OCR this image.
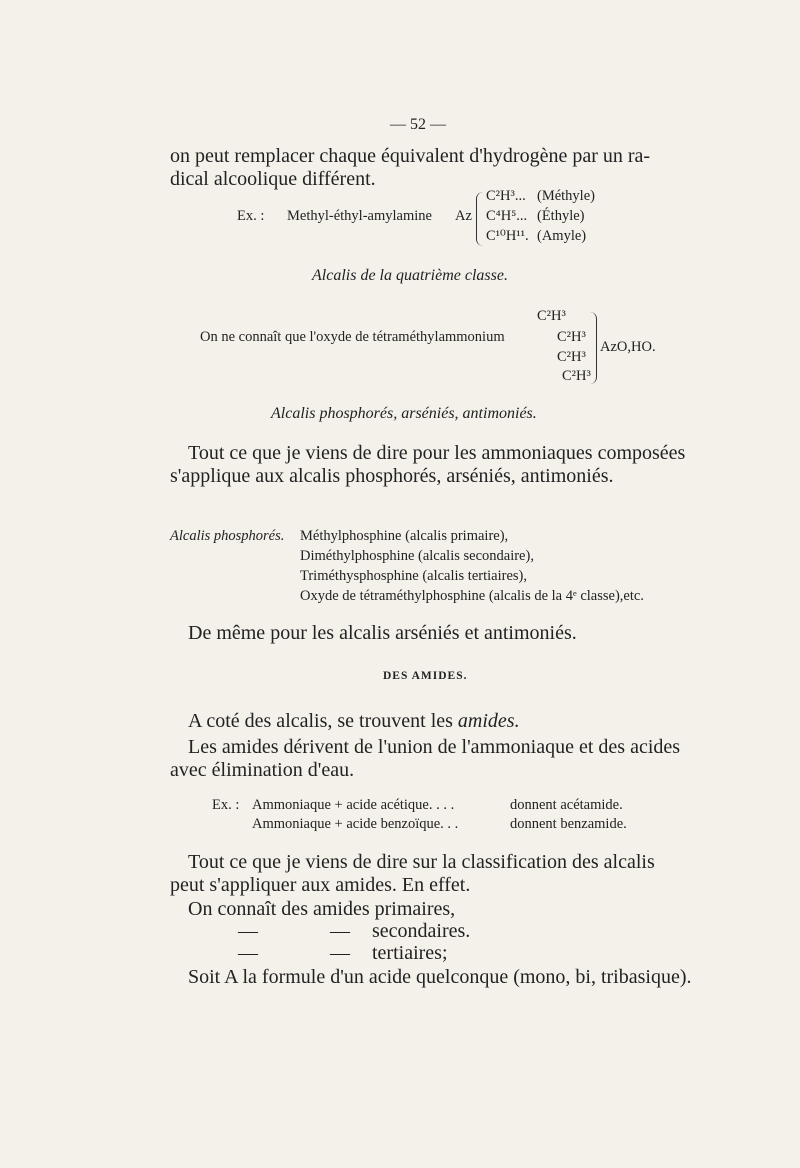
— 52 —
on peut remplacer chaque équivalent d'hydrogène par un ra-
dical alcoolique différent.
Ex. : Methyl-éthyl-amylamine Az
C²H³... (Méthyle)
C⁴H⁵... (Éthyle)
C¹⁰H¹¹. (Amyle)
Alcalis de la quatrième classe.
C²H³
On ne connaît que l'oxyde de tétraméthylammonium	C²H³
C²H³
C²H³
AzO,HO.
Alcalis phosphorés, arséniés, antimoniés.
Tout ce que je viens de dire pour les ammoniaques composées
s'applique aux alcalis phosphorés, arséniés, antimoniés.
Alcalis phosphorés. Méthylphosphine (alcalis primaire),
Diméthylphosphine (alcalis secondaire),
Triméthysphosphine (alcalis tertiaires),
Oxyde de tétraméthylphosphine (alcalis de la 4ᵉ classe),etc.
De même pour les alcalis arséniés et antimoniés.
DES AMIDES.
A coté des alcalis, se trouvent les amides.
Les amides dérivent de l'union de l'ammoniaque et des acides
avec élimination d'eau.
Ex. : Ammoniaque + acide acétique. . . .	donnent acétamide.
Ammoniaque + acide benzoïque. . .	donnent benzamide.
Tout ce que je viens de dire sur la classification des alcalis
peut s'appliquer aux amides. En effet.
On connaît des amides primaires,
—	— secondaires.
—	— tertiaires;
Soit A la formule d'un acide quelconque (mono, bi, tribasique).
